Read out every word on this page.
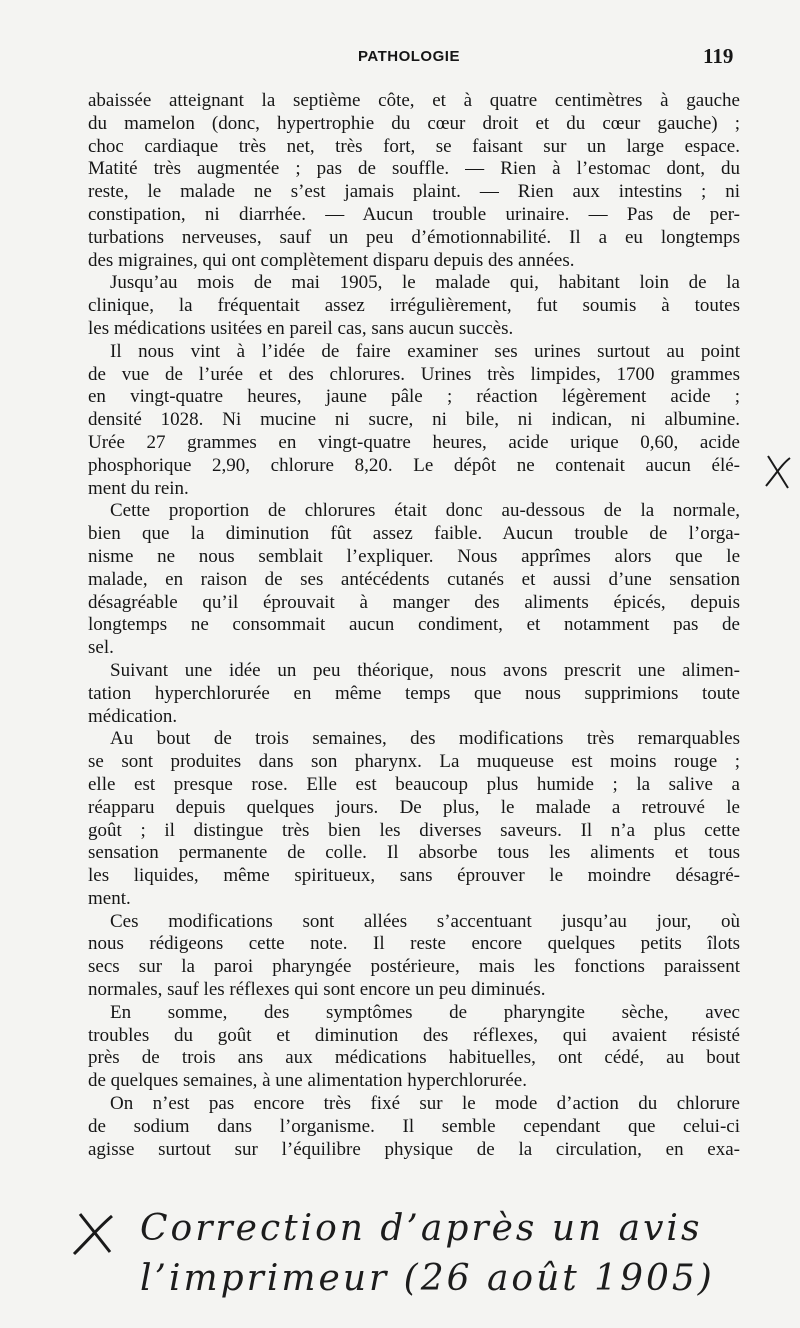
PATHOLOGIE	119
abaissée atteignant la septième côte, et à quatre centimètres à gauche
du mamelon (donc, hypertrophie du cœur droit et du cœur gauche) ;
choc cardiaque très net, très fort, se faisant sur un large espace.
Matité très augmentée ; pas de souffle. — Rien à l’estomac dont, du
reste, le malade ne s’est jamais plaint. — Rien aux intestins ; ni
constipation, ni diarrhée. — Aucun trouble urinaire. — Pas de per-
turbations nerveuses, sauf un peu d’émotionnabilité. Il a eu longtemps
des migraines, qui ont complètement disparu depuis des années.
Jusqu’au mois de mai 1905, le malade qui, habitant loin de la
clinique, la fréquentait assez irrégulièrement, fut soumis à toutes
les médications usitées en pareil cas, sans aucun succès.
Il nous vint à l’idée de faire examiner ses urines surtout au point
de vue de l’urée et des chlorures. Urines très limpides, 1700 grammes
en vingt-quatre heures, jaune pâle ; réaction légèrement acide ;
densité 1028. Ni mucine ni sucre, ni bile, ni indican, ni albumine.
Urée 27 grammes en vingt-quatre heures, acide urique 0,60, acide
phosphorique 2,90, chlorure 8,20. Le dépôt ne contenait aucun élé-
ment du rein.
Cette proportion de chlorures était donc au-dessous de la normale,
bien que la diminution fût assez faible. Aucun trouble de l’orga-
nisme ne nous semblait l’expliquer. Nous apprîmes alors que le
malade, en raison de ses antécédents cutanés et aussi d’une sensation
désagréable qu’il éprouvait à manger des aliments épicés, depuis
longtemps ne consommait aucun condiment, et notamment pas de
sel.
Suivant une idée un peu théorique, nous avons prescrit une alimen-
tation hyperchlorurée en même temps que nous supprimions toute
médication.
Au bout de trois semaines, des modifications très remarquables
se sont produites dans son pharynx. La muqueuse est moins rouge ;
elle est presque rose. Elle est beaucoup plus humide ; la salive a
réapparu depuis quelques jours. De plus, le malade a retrouvé le
goût ; il distingue très bien les diverses saveurs. Il n’a plus cette
sensation permanente de colle. Il absorbe tous les aliments et tous
les liquides, même spiritueux, sans éprouver le moindre désagré-
ment.
Ces modifications sont allées s’accentuant jusqu’au jour, où
nous rédigeons cette note. Il reste encore quelques petits îlots
secs sur la paroi pharyngée postérieure, mais les fonctions paraissent
normales, sauf les réflexes qui sont encore un peu diminués.
En somme, des symptômes de pharyngite sèche, avec
troubles du goût et diminution des réflexes, qui avaient résisté
près de trois ans aux médications habituelles, ont cédé, au bout
de quelques semaines, à une alimentation hyperchlorurée.
On n’est pas encore très fixé sur le mode d’action du chlorure
de sodium dans l’organisme. Il semble cependant que celui-ci
agisse surtout sur l’équilibre physique de la circulation, en exa-
Correction d’après un avis
l’imprimeur (26 août 1905)
